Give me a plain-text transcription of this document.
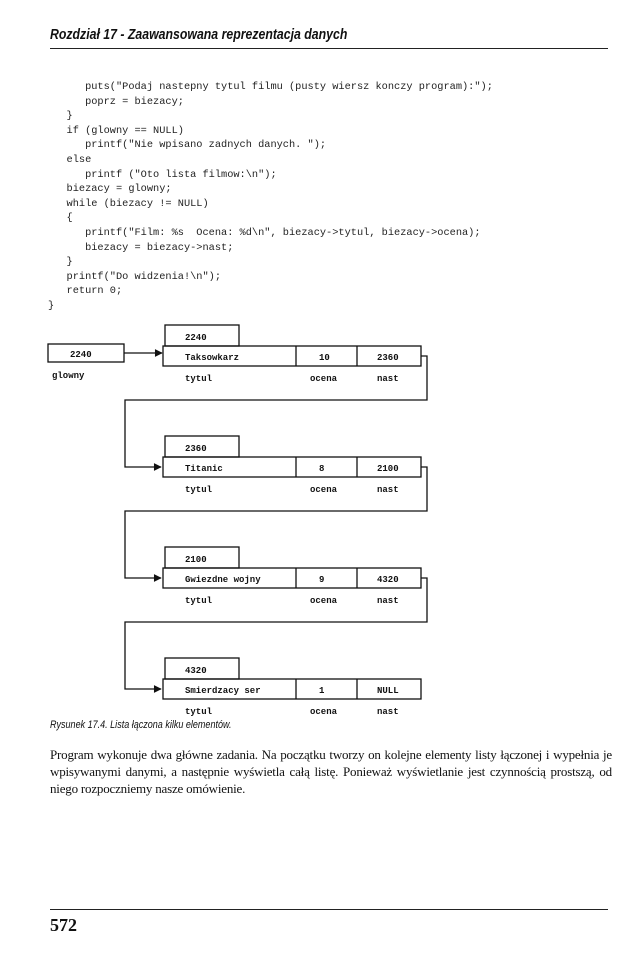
Rozdział 17 - Zaawansowana reprezentacja danych
puts("Podaj nastepny tytul filmu (pusty wiersz konczy program):");
poprz = biezacy;
}
if (glowny == NULL)
printf("Nie wpisano zadnych danych. ");
else
printf ("Oto lista filmow:\n");
biezacy = glowny;
while (biezacy != NULL)
{
printf("Film: %s  Ocena: %d\n", biezacy->tytul, biezacy->ocena);
biezacy = biezacy->nast;
}
printf("Do widzenia!\n");
return 0;
}

2240
glowny
2240
Taksowkarz	10	2360
tytul	ocena	nast
2360
Titanic	8	2100
tytul	ocena	nast
2100
Gwiezdne wojny	9	4320
tytul	ocena	nast
4320
Smierdzacy ser	1	NULL
tytul	ocena	nast
Rysunek 17.4. Lista łączona kilku elementów.
Program wykonuje dwa główne zadania. Na początku tworzy on kolejne elementy listy łączonej i wypełnia je wpisywanymi danymi, a następnie wyświetla całą listę. Ponieważ wyświetlanie jest czynnością prostszą, od niego rozpoczniemy nasze omówienie.
572
